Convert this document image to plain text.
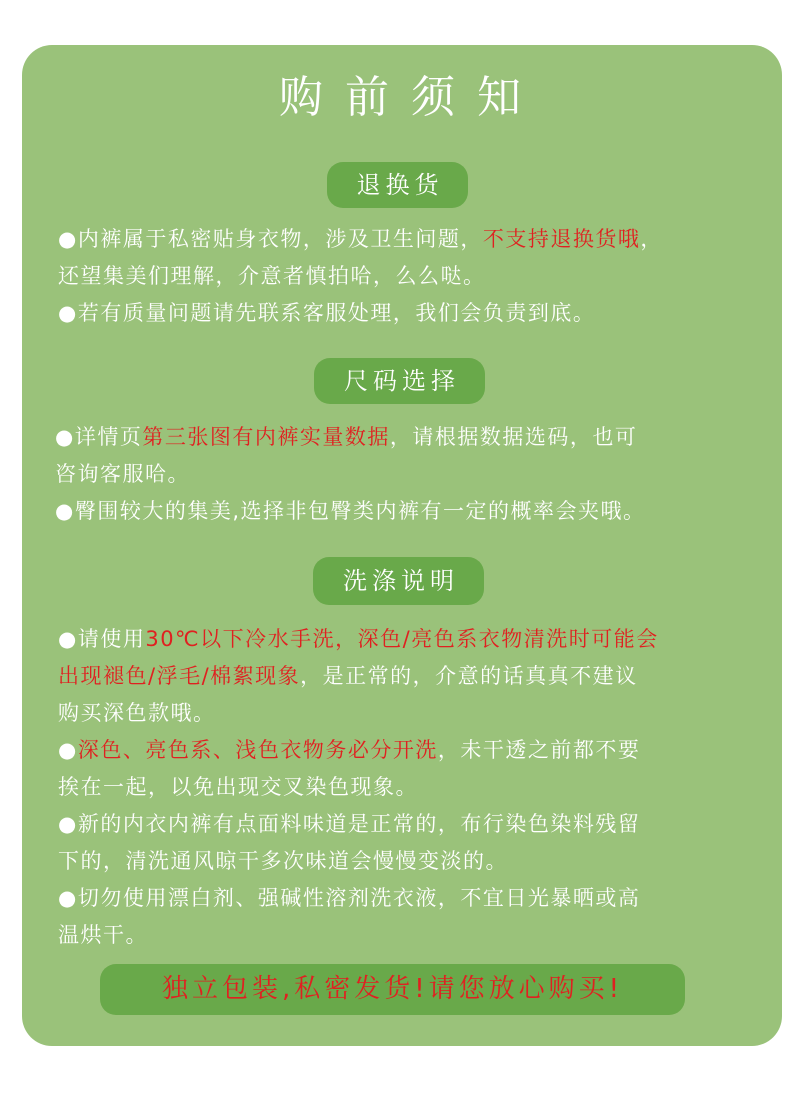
购前须知
退换货
●内裤属于私密贴身衣物，涉及卫生问题，不支持退换货哦，
还望集美们理解，介意者慎拍哈，么么哒。
●若有质量问题请先联系客服处理，我们会负责到底。
尺码选择
●详情页第三张图有内裤实量数据，请根据数据选码，也可
咨询客服哈。
●臀围较大的集美,选择非包臀类内裤有一定的概率会夹哦。
洗涤说明
●请使用30℃以下冷水手洗，深色/亮色系衣物清洗时可能会
出现褪色/浮毛/棉絮现象，是正常的，介意的话真真不建议
购买深色款哦。
●深色、亮色系、浅色衣物务必分开洗，未干透之前都不要
挨在一起，以免出现交叉染色现象。
●新的内衣内裤有点面料味道是正常的，布行染色染料残留
下的，清洗通风晾干多次味道会慢慢变淡的。
●切勿使用漂白剂、强碱性溶剂洗衣液，不宜日光暴晒或高
温烘干。
独立包装,私密发货!请您放心购买!
